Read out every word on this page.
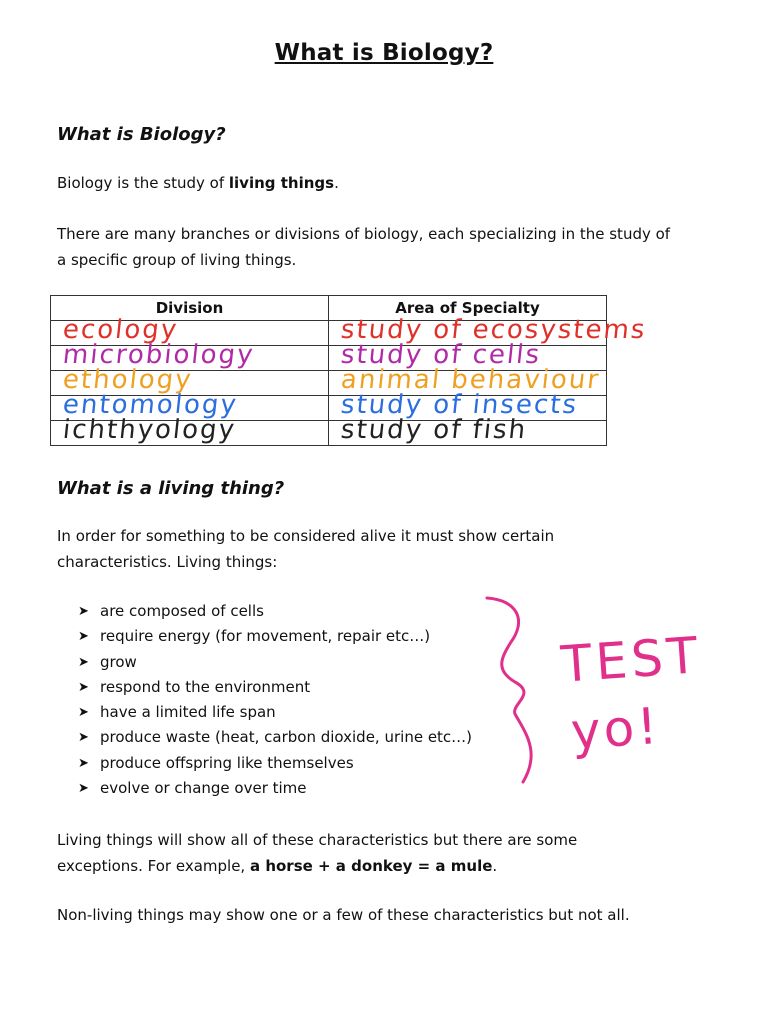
What is Biology?
What is Biology?
Biology is the study of living things.
There are many branches or divisions of biology, each specializing in the study of
a specific group of living things.
Division	Area of Specialty

ecology	study of ecosystems

microbiology	study of cells

ethology	animal behaviour

entomology	study of insects

ichthyology	study of fish
What is a living thing?
In order for something to be considered alive it must show certain
characteristics. Living things:
➤ are composed of cells
➤ require energy (for movement, repair etc…)
➤ grow
➤ respond to the environment
➤ have a limited life span
➤ produce waste (heat, carbon dioxide, urine etc…)
➤ produce offspring like themselves
➤ evolve or change over time
TEST
yo!
Living things will show all of these characteristics but there are some
exceptions. For example, a horse + a donkey = a mule.
Non-living things may show one or a few of these characteristics but not all.
